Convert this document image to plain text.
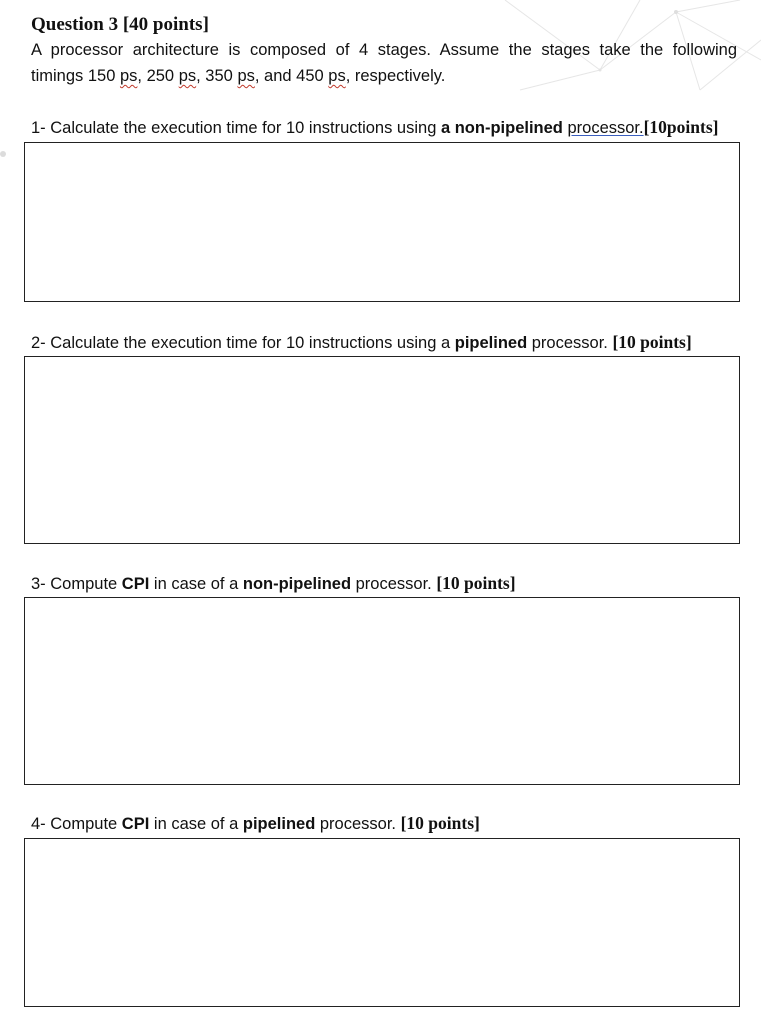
Question 3 [40 points]

A processor architecture is composed of 4 stages. Assume the stages take the following
timings 150 ps, 250 ps, 350 ps, and 450 ps, respectively.

1- Calculate the execution time for 10 instructions using a non-pipelined processor.[10points]

2- Calculate the execution time for 10 instructions using a pipelined processor. [10 points]

3- Compute CPI in case of a non-pipelined processor. [10 points]

4- Compute CPI in case of a pipelined processor. [10 points]
